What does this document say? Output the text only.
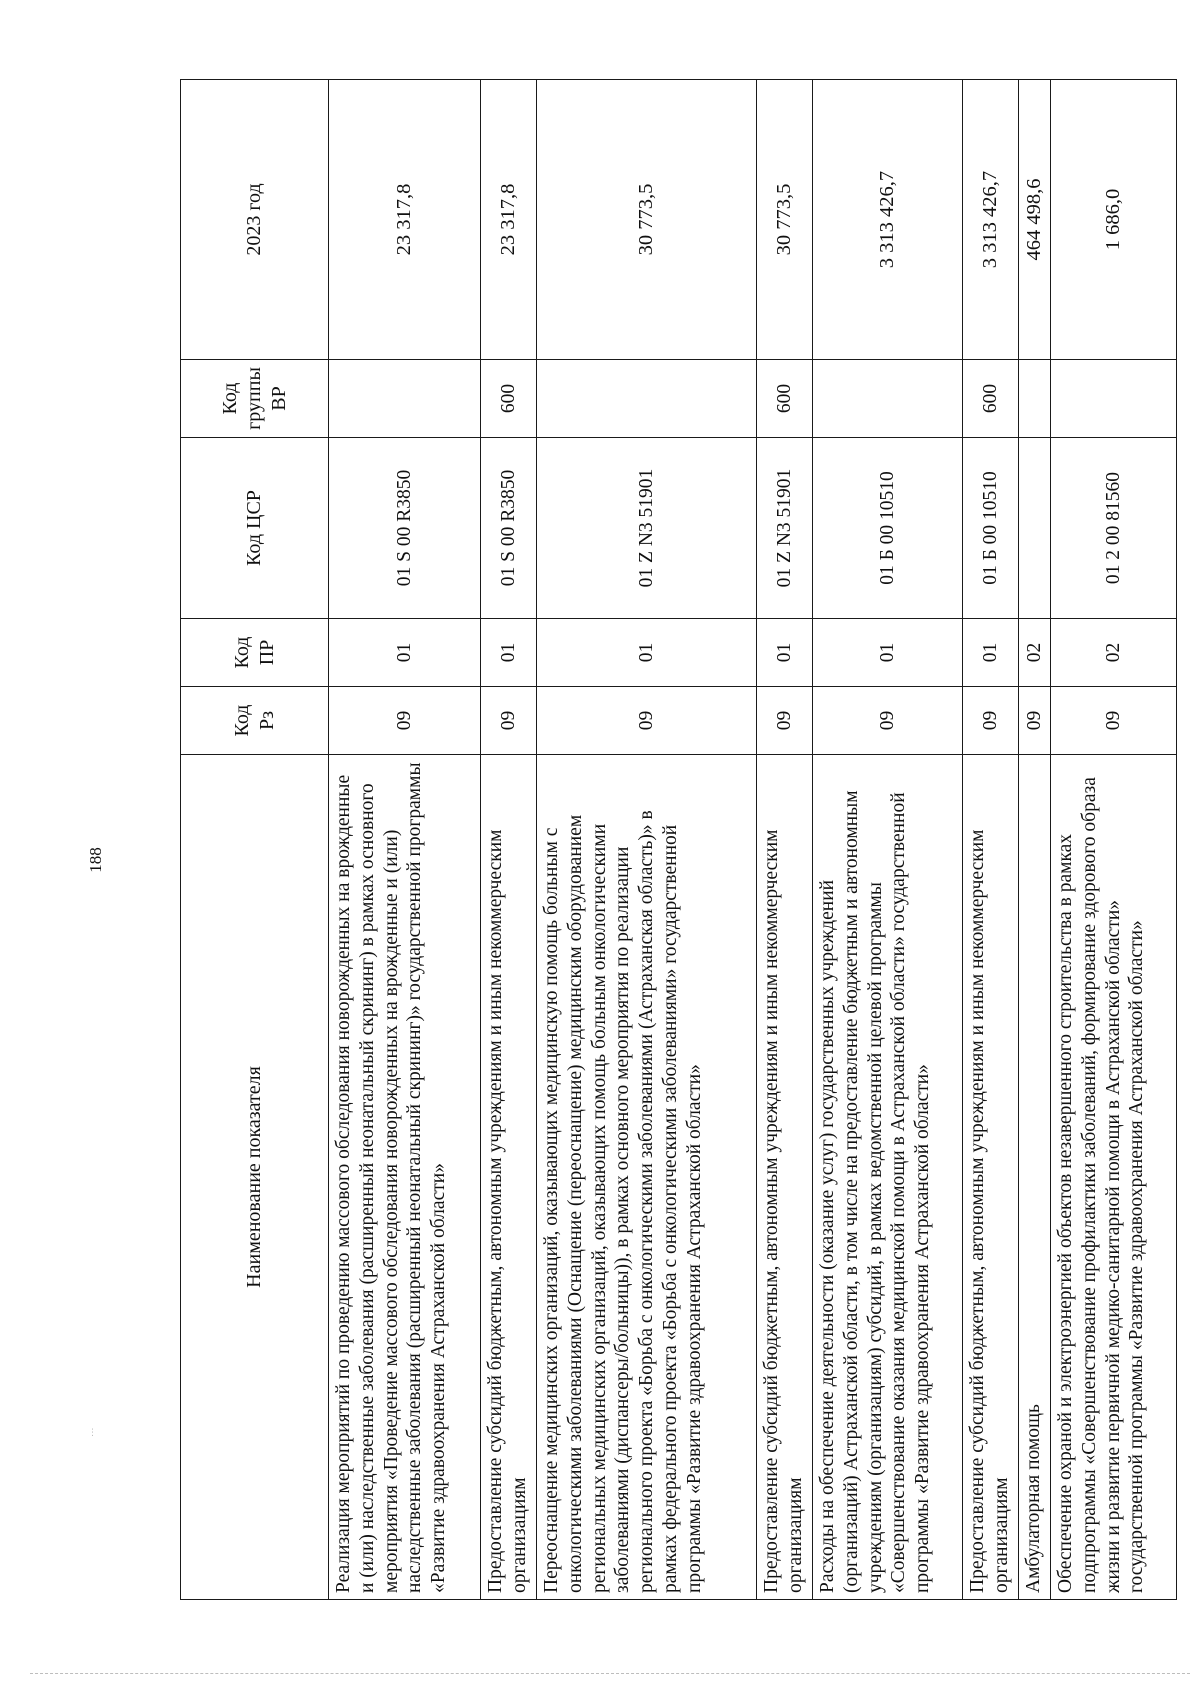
188
⋮
Наименование показателя	Код Рз	Код ПР	Код ЦСР	Код группы ВР	2023 год
Реализация мероприятий по проведению массового обследования новорожденных на врожденные и (или) наследственные заболевания (расширенный неонатальный скрининг) в рамках основного мероприятия «Проведение массового обследования новорожденных на врожденные и (или) наследственные заболевания (расширенный неонатальный скрининг)» государственной программы «Развитие здравоохранения Астраханской области»	09	01	01 S 00 R3850		23 317,8
Предоставление субсидий бюджетным, автономным учреждениям и иным некоммерческим организациям	09	01	01 S 00 R3850	600	23 317,8
Переоснащение медицинских организаций, оказывающих медицинскую помощь больным с онкологическими заболеваниями (Оснащение (переоснащение) медицинским оборудованием региональных медицинских организаций, оказывающих помощь больным онкологическими заболеваниями (диспансеры/больницы)), в рамках основного мероприятия по реализации регионального проекта «Борьба с онкологическими заболеваниями (Астраханская область)» в рамках федерального проекта «Борьба с онкологическими заболеваниями» государственной программы «Развитие здравоохранения Астраханской области»	09	01	01 Z N3 51901		30 773,5
Предоставление субсидий бюджетным, автономным учреждениям и иным некоммерческим организациям	09	01	01 Z N3 51901	600	30 773,5
Расходы на обеспечение деятельности (оказание услуг) государственных учреждений (организаций) Астраханской области, в том числе на предоставление бюджетным и автономным учреждениям (организациям) субсидий, в рамках ведомственной целевой программы «Совершенствование оказания медицинской помощи в Астраханской области» государственной программы «Развитие здравоохранения Астраханской области»	09	01	01 Б 00 10510		3 313 426,7
Предоставление субсидий бюджетным, автономным учреждениям и иным некоммерческим организациям	09	01	01 Б 00 10510	600	3 313 426,7
Амбулаторная помощь	09	02			464 498,6
Обеспечение охраной и электроэнергией объектов незавершенного строительства в рамках подпрограммы «Совершенствование профилактики заболеваний, формирование здорового образа жизни и развитие первичной медико-санитарной помощи в Астраханской области» государственной программы «Развитие здравоохранения Астраханской области»	09	02	01 2 00 81560		1 686,0
